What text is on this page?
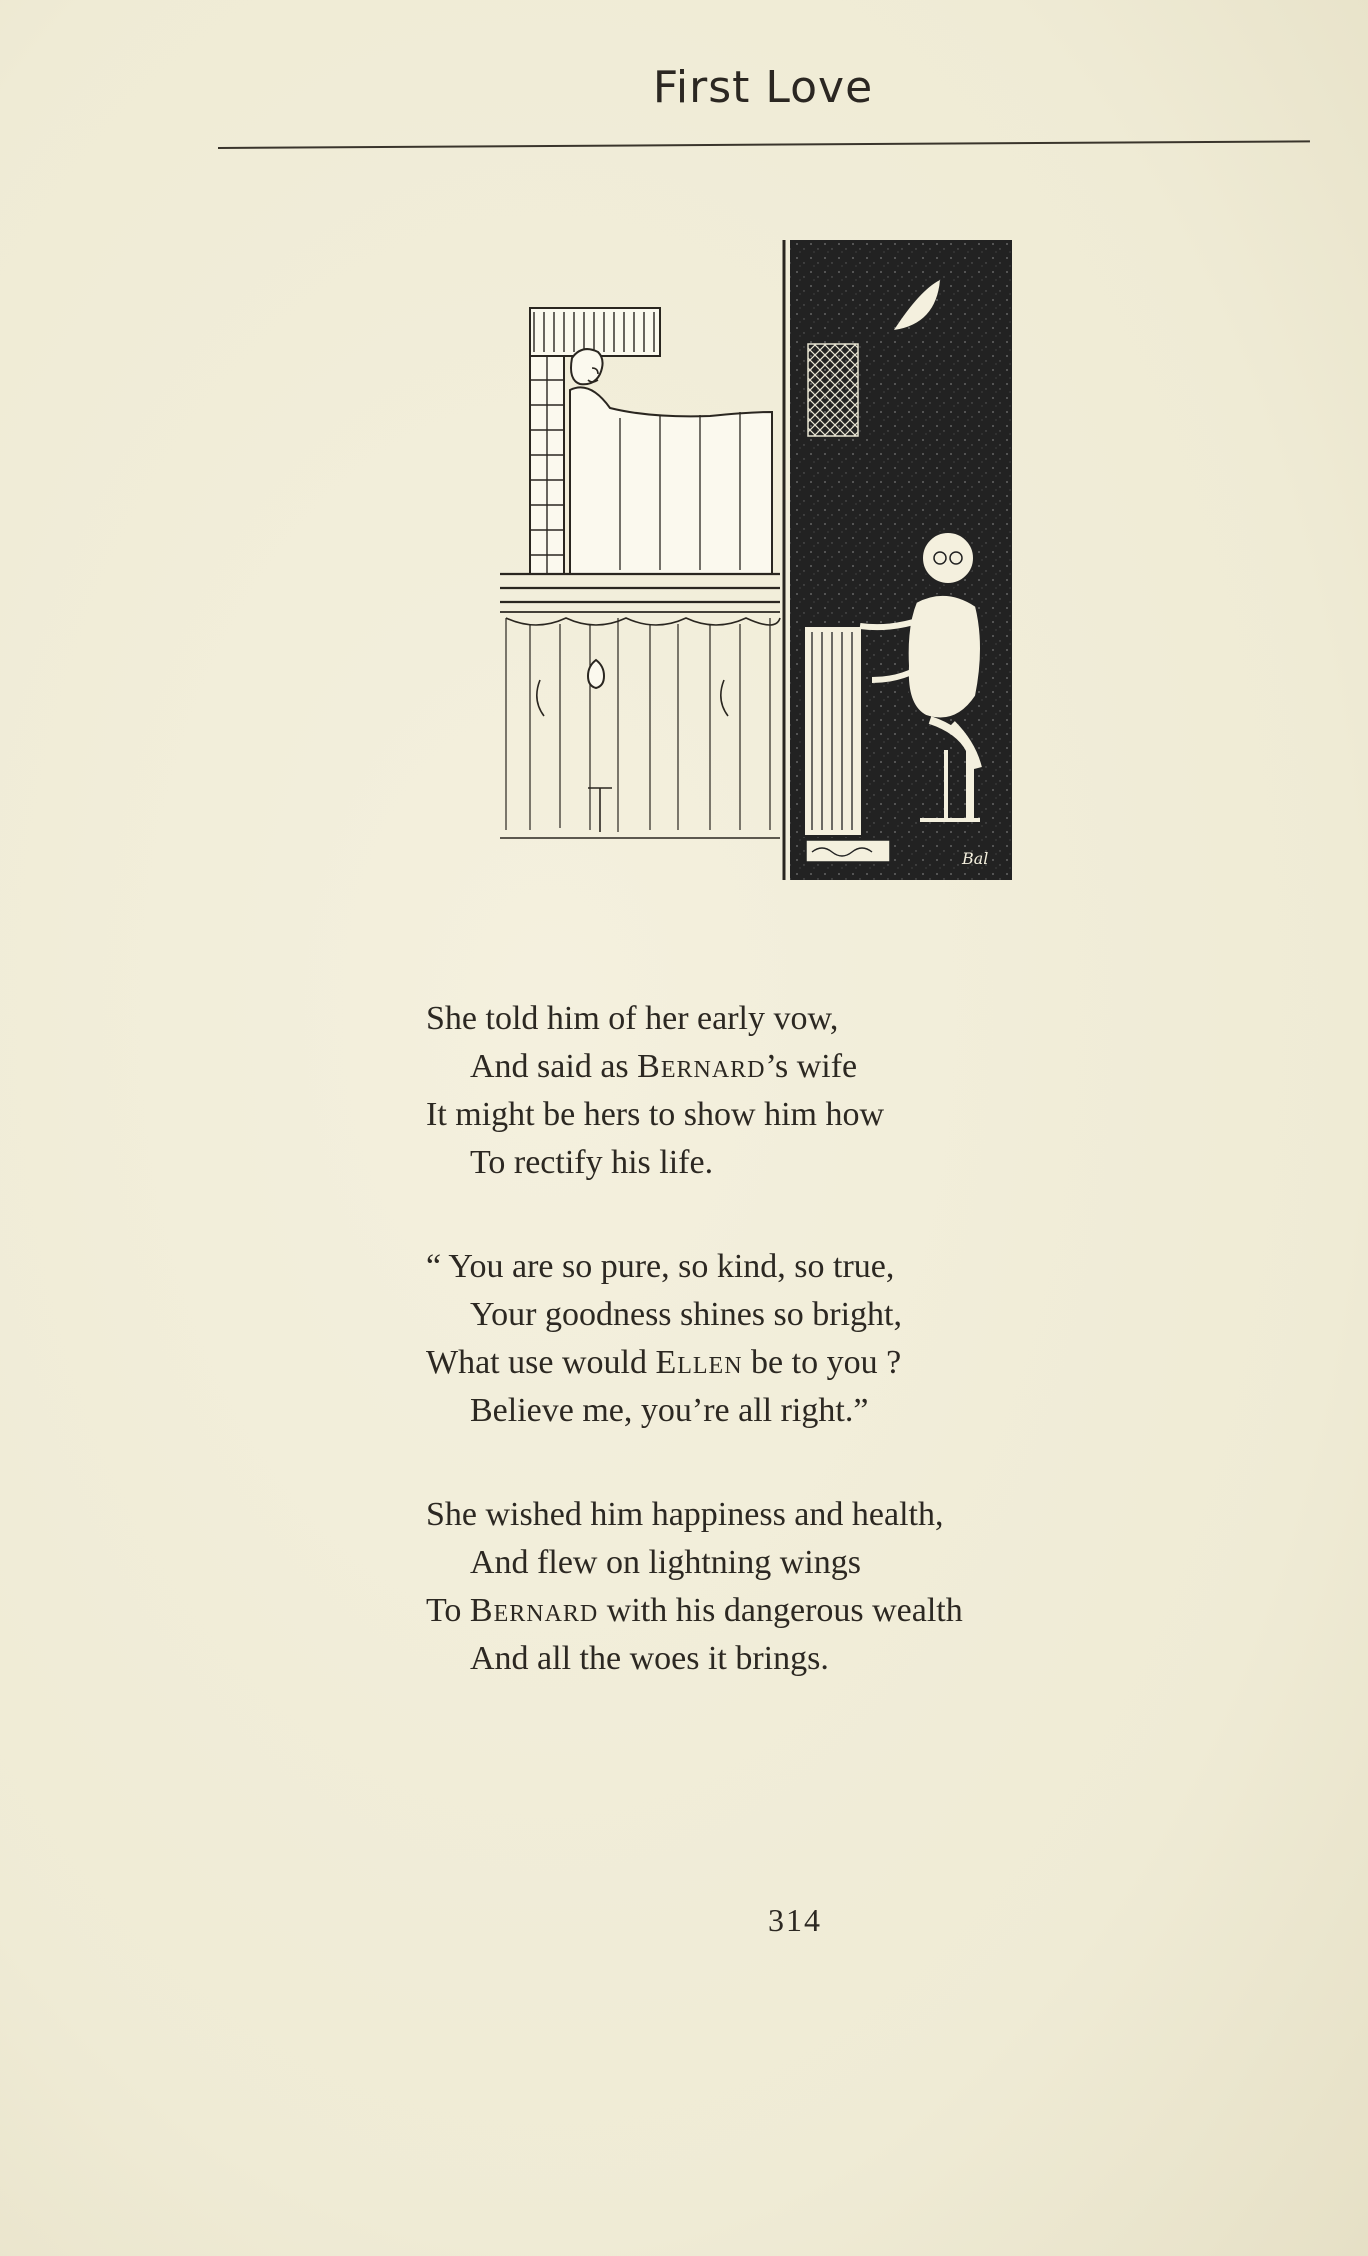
First Love
Bal
She told him of her early vow,
And said as Bernard’s wife
It might be hers to show him how
To rectify his life.
“ You are so pure, so kind, so true,
Your goodness shines so bright,
What use would Ellen be to you ?
Believe me, you’re all right.”
She wished him happiness and health,
And flew on lightning wings
To Bernard with his dangerous wealth
And all the woes it brings.
314
